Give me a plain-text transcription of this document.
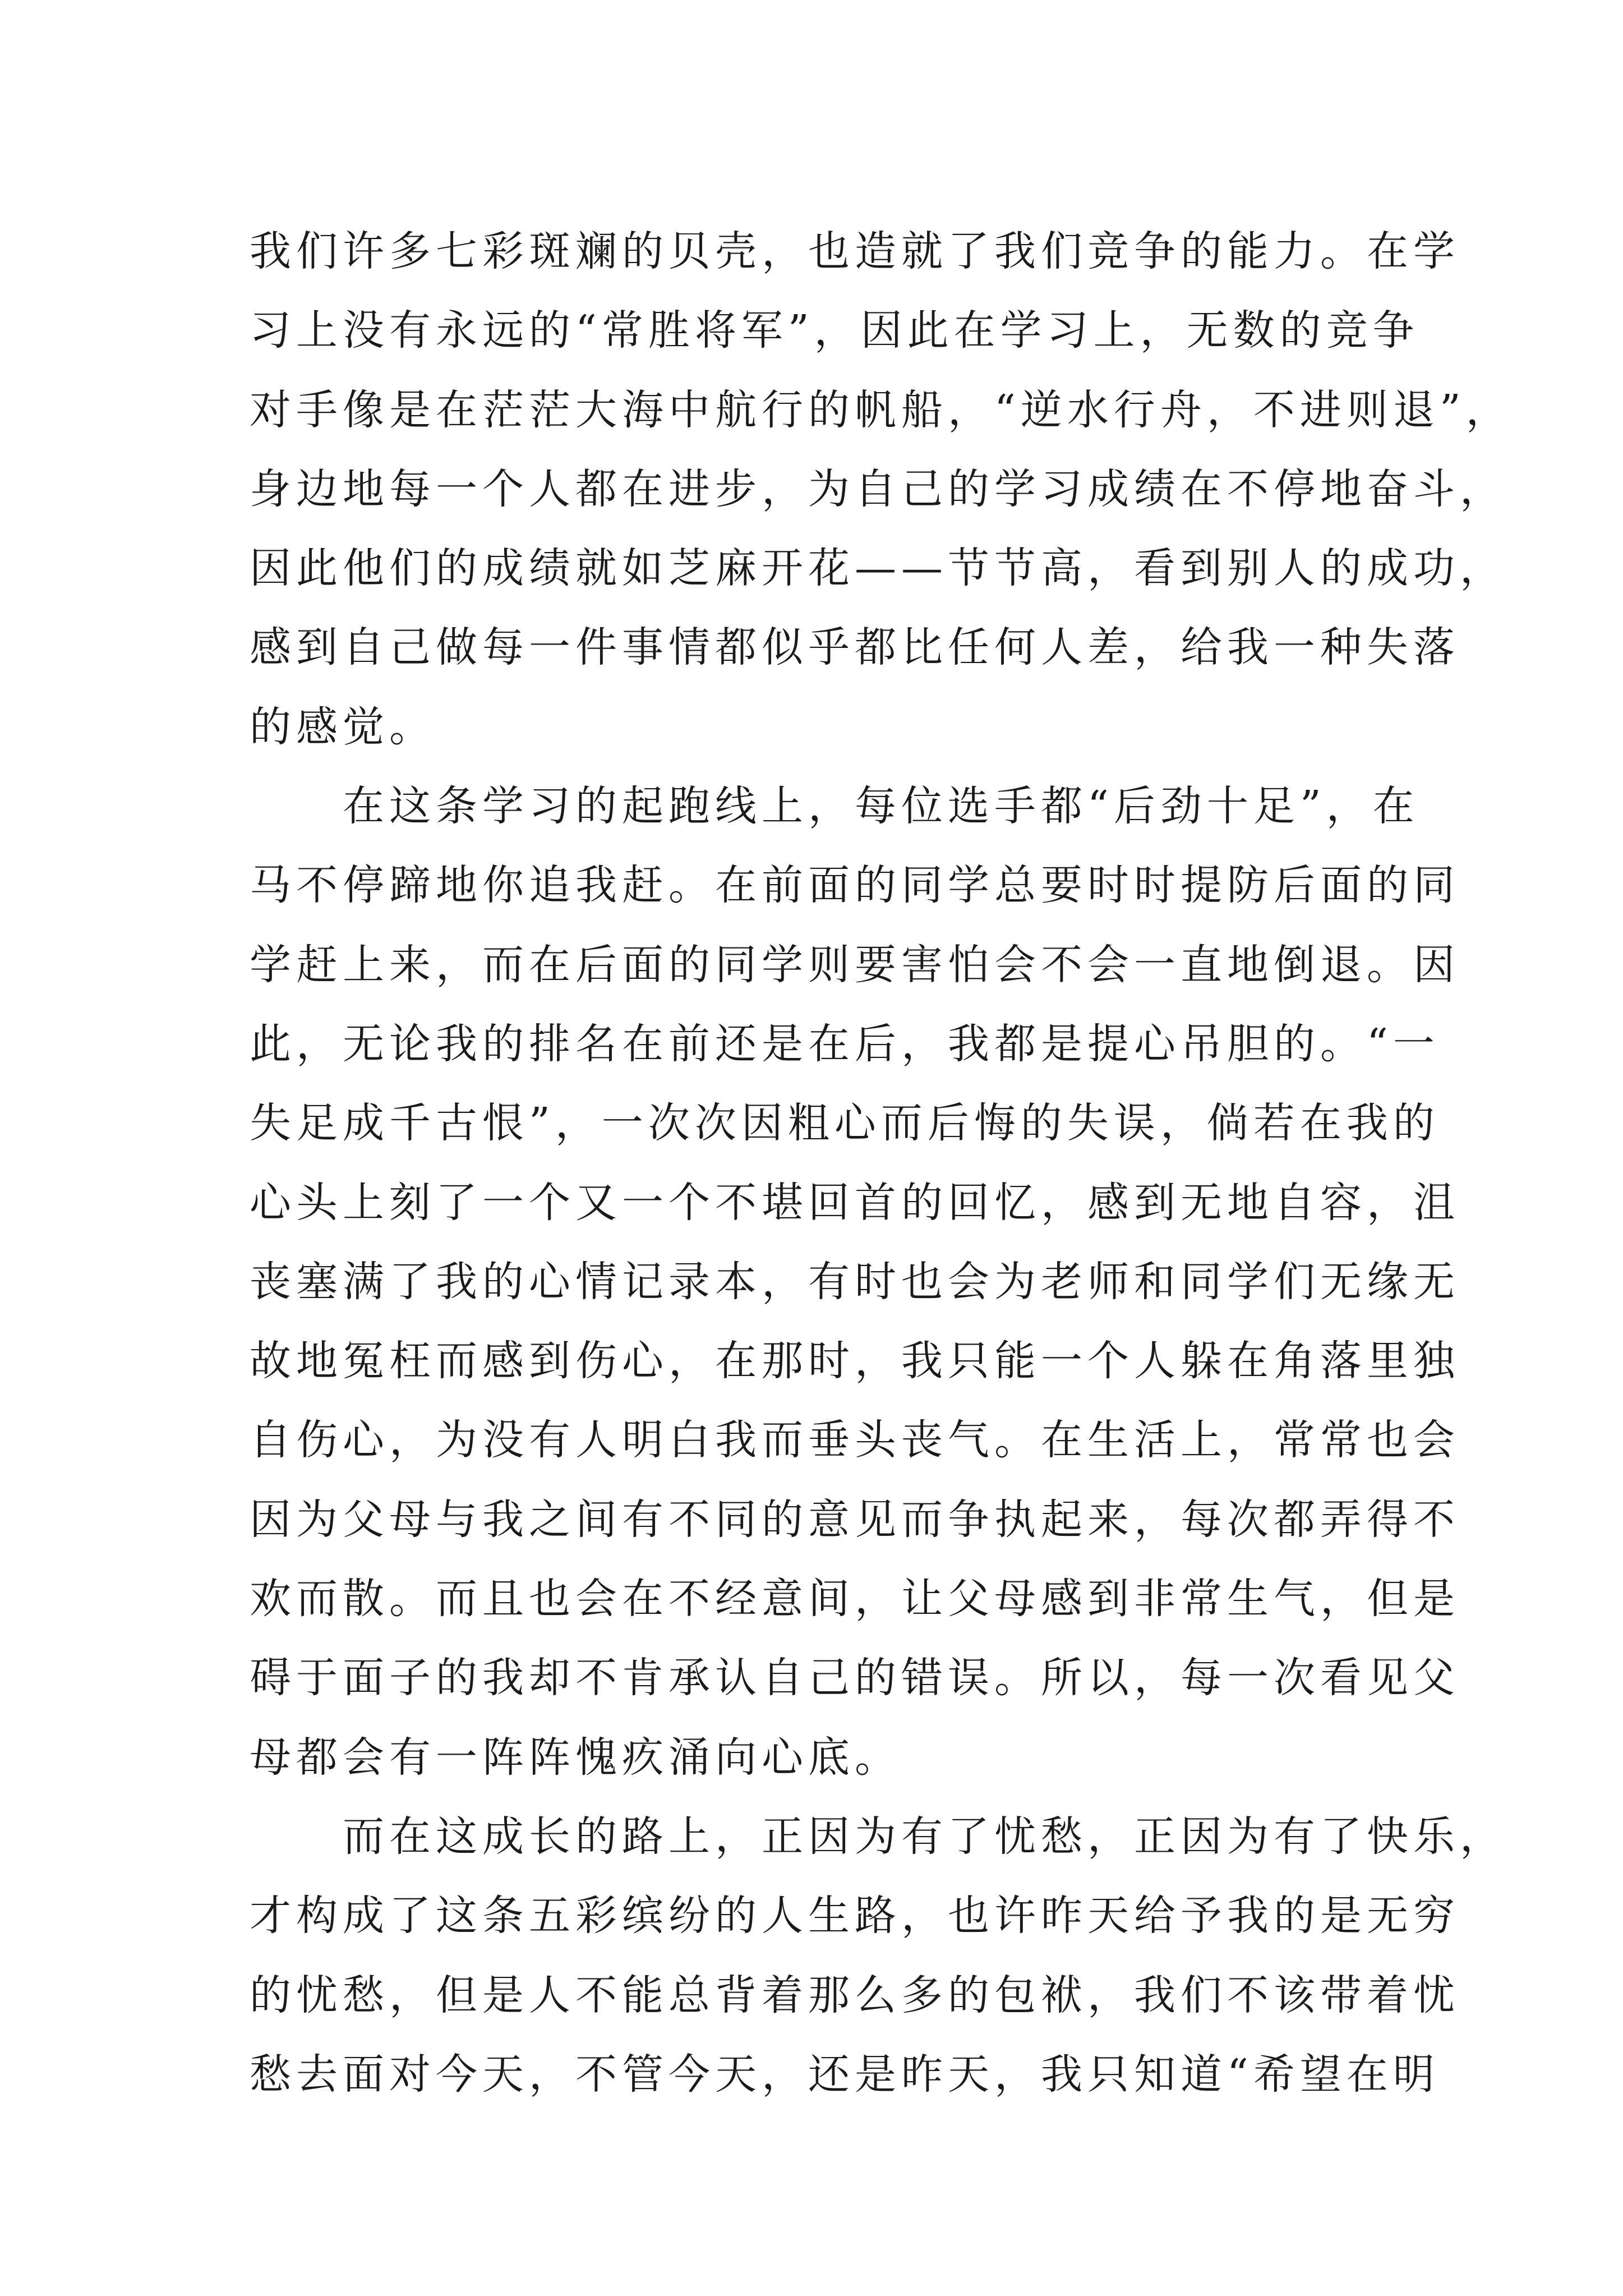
我们许多七彩斑斓的贝壳，也造就了我们竞争的能力。在学
习上没有永远的“常胜将军”，因此在学习上，无数的竞争
对手像是在茫茫大海中航行的帆船，“逆水行舟，不进则退”，
身边地每一个人都在进步，为自己的学习成绩在不停地奋斗，
因此他们的成绩就如芝麻开花——节节高，看到别人的成功，
感到自己做每一件事情都似乎都比任何人差，给我一种失落
的感觉。
在这条学习的起跑线上，每位选手都“后劲十足”，在
马不停蹄地你追我赶。在前面的同学总要时时提防后面的同
学赶上来，而在后面的同学则要害怕会不会一直地倒退。因
此，无论我的排名在前还是在后，我都是提心吊胆的。“一
失足成千古恨”，一次次因粗心而后悔的失误，倘若在我的
心头上刻了一个又一个不堪回首的回忆，感到无地自容，沮
丧塞满了我的心情记录本，有时也会为老师和同学们无缘无
故地冤枉而感到伤心，在那时，我只能一个人躲在角落里独
自伤心，为没有人明白我而垂头丧气。在生活上，常常也会
因为父母与我之间有不同的意见而争执起来，每次都弄得不
欢而散。而且也会在不经意间，让父母感到非常生气，但是
碍于面子的我却不肯承认自己的错误。所以，每一次看见父
母都会有一阵阵愧疚涌向心底。
而在这成长的路上，正因为有了忧愁，正因为有了快乐，
才构成了这条五彩缤纷的人生路，也许昨天给予我的是无穷
的忧愁，但是人不能总背着那么多的包袱，我们不该带着忧
愁去面对今天，不管今天，还是昨天，我只知道“希望在明
